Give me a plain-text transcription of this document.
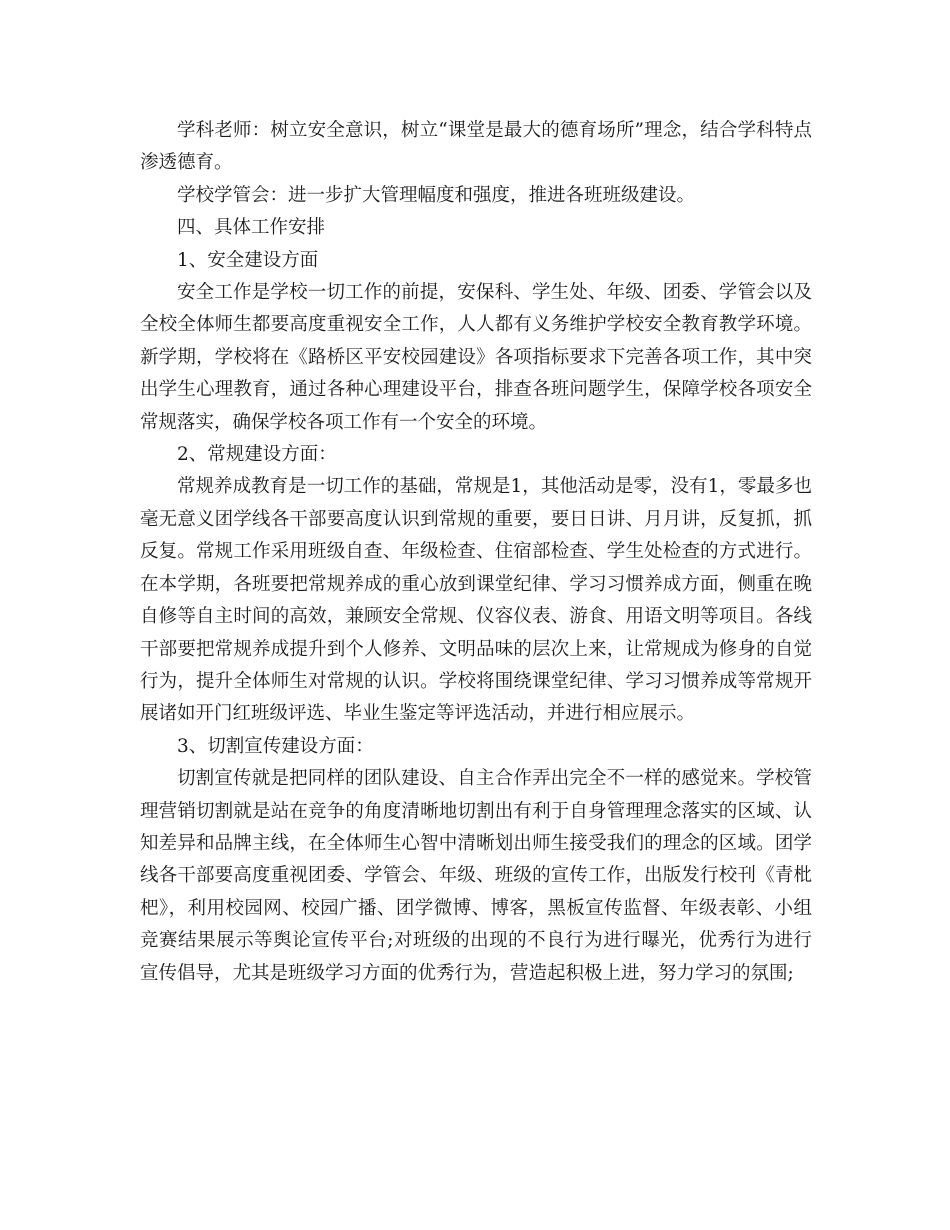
学科老师：树立安全意识，树立“课堂是最大的德育场所”理念，结合学科特点渗透德育。

学校学管会：进一步扩大管理幅度和强度，推进各班班级建设。

四、具体工作安排

1、安全建设方面

安全工作是学校一切工作的前提，安保科、学生处、年级、团委、学管会以及全校全体师生都要高度重视安全工作，人人都有义务维护学校安全教育教学环境。新学期，学校将在《路桥区平安校园建设》各项指标要求下完善各项工作，其中突出学生心理教育，通过各种心理建设平台，排查各班问题学生，保障学校各项安全常规落实，确保学校各项工作有一个安全的环境。

2、常规建设方面：

常规养成教育是一切工作的基础，常规是1，其他活动是零，没有1，零最多也毫无意义团学线各干部要高度认识到常规的重要，要日日讲、月月讲，反复抓，抓反复。常规工作采用班级自查、年级检查、住宿部检查、学生处检查的方式进行。在本学期，各班要把常规养成的重心放到课堂纪律、学习习惯养成方面，侧重在晚自修等自主时间的高效，兼顾安全常规、仪容仪表、游食、用语文明等项目。各线干部要把常规养成提升到个人修养、文明品味的层次上来，让常规成为修身的自觉行为，提升全体师生对常规的认识。学校将围绕课堂纪律、学习习惯养成等常规开展诸如开门红班级评选、毕业生鉴定等评选活动，并进行相应展示。

3、切割宣传建设方面：

切割宣传就是把同样的团队建设、自主合作弄出完全不一样的感觉来。学校管理营销切割就是站在竞争的角度清晰地切割出有利于自身管理理念落实的区域、认知差异和品牌主线，在全体师生心智中清晰划出师生接受我们的理念的区域。团学线各干部要高度重视团委、学管会、年级、班级的宣传工作，出版发行校刊《青枇杷》，利用校园网、校园广播、团学微博、博客，黑板宣传监督、年级表彰、小组竞赛结果展示等舆论宣传平台;对班级的出现的不良行为进行曝光，优秀行为进行宣传倡导，尤其是班级学习方面的优秀行为，营造起积极上进，努力学习的氛围;
